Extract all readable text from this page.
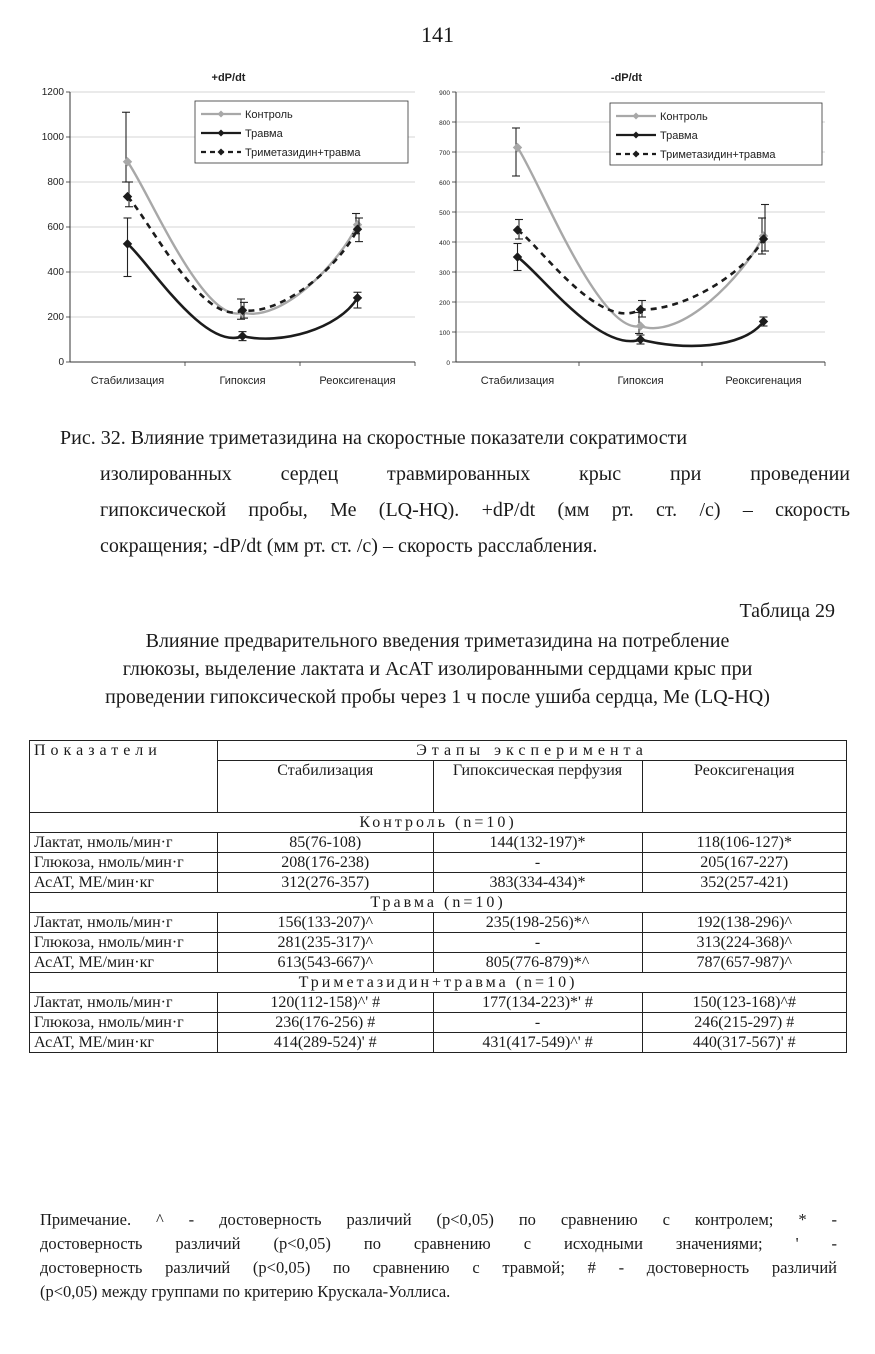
141
+dP/dt
0
200
400
600
800
1000
1200
Стабилизация	Гипоксия	Реоксигенация
Контроль
Травма
Триметазидин+травма
-dP/dt
0
100
200
300
400
500
600
700
800
900
Стабилизация	Гипоксия	Реоксигенация
Контроль
Травма
Триметазидин+травма
Рис. 32. Влияние триметазидина на скоростные показатели сократимости
изолированных сердец травмированных крыс при проведении
гипоксической пробы, Ме (LQ-HQ). +dP/dt (мм рт. ст. /с) – скорость
сокращения; -dP/dt (мм рт. ст. /с) – скорость расслабления.
Таблица 29
Влияние предварительного введения триметазидина на потребление
глюкозы, выделение лактата и АсАТ изолированными сердцами крыс при
проведении гипоксической пробы через 1 ч после ушиба сердца, Ме (LQ-HQ)
Показатели	Этапы эксперимента		
	Стабилизация	Гипоксическая перфузия	Реоксигенация
Контроль (n=10)			
Лактат, нмоль/мин·г	85(76-108)	144(132-197)*	118(106-127)*
Глюкоза, нмоль/мин·г	208(176-238)	-	205(167-227)
АсАТ, МЕ/мин·кг	312(276-357)	383(334-434)*	352(257-421)
Травма (n=10)			
Лактат, нмоль/мин·г	156(133-207)^	235(198-256)*^	192(138-296)^
Глюкоза, нмоль/мин·г	281(235-317)^	-	313(224-368)^
АсАТ, МЕ/мин·кг	613(543-667)^	805(776-879)*^	787(657-987)^
Триметазидин+травма (n=10)			
Лактат, нмоль/мин·г	120(112-158)^' #	177(134-223)*' #	150(123-168)^#
Глюкоза, нмоль/мин·г	236(176-256) #	-	246(215-297) #
АсАТ, МЕ/мин·кг	414(289-524)' #	431(417-549)^' #	440(317-567)' #
Примечание. ^ - достоверность различий (p<0,05) по сравнению с контролем; * -
достоверность различий (p<0,05) по сравнению с исходными значениями; ' -
достоверность различий (p<0,05) по сравнению с травмой; # - достоверность различий
(p<0,05) между группами по критерию Крускала-Уоллиса.
